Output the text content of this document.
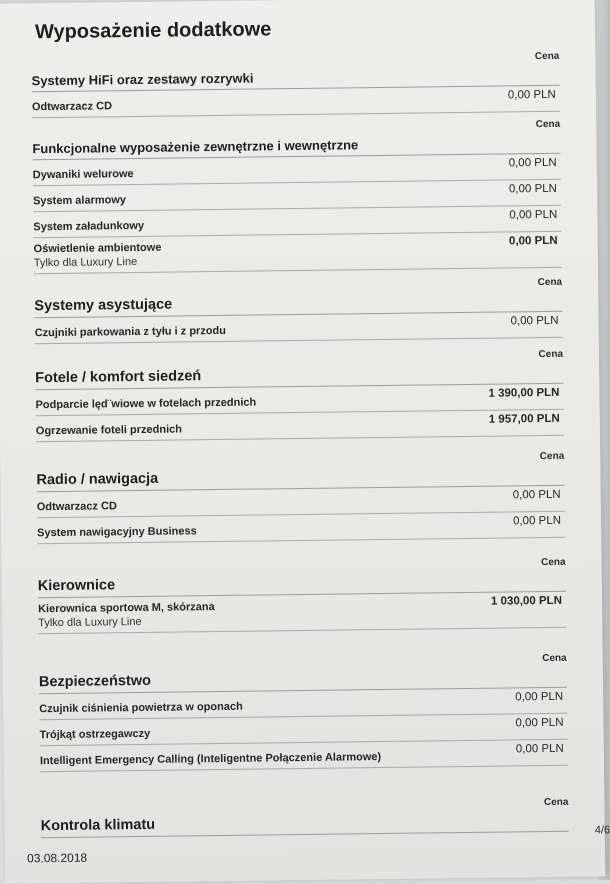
Wyposażenie dodatkowe
Systemy HiFi oraz zestawy rozrywki
Cena
Odtwarzacz CD
0,00 PLN
Funkcjonalne wyposażenie zewnętrzne i wewnętrzne
Cena
Dywaniki welurowe
0,00 PLN
System alarmowy
0,00 PLN
System załadunkowy
0,00 PLN
Oświetlenie ambientowe
Tylko dla Luxury Line
0,00 PLN
Systemy asystujące
Cena
Czujniki parkowania z tyłu i z przodu
0,00 PLN
Fotele / komfort siedzeń
Cena
Podparcie lęd¨wiowe w fotelach przednich
1 390,00 PLN
Ogrzewanie foteli przednich
1 957,00 PLN
Radio / nawigacja
Cena
Odtwarzacz CD
0,00 PLN
System nawigacyjny Business
0,00 PLN
Kierownice
Cena
Kierownica sportowa M, skórzana
Tylko dla Luxury Line
1 030,00 PLN
Bezpieczeństwo
Cena
Czujnik ciśnienia powietrza w oponach
0,00 PLN
Trójkąt ostrzegawczy
0,00 PLN
Intelligent Emergency Calling (Inteligentne Połączenie Alarmowe)
0,00 PLN
Kontrola klimatu
Cena
4/6
03.08.2018
